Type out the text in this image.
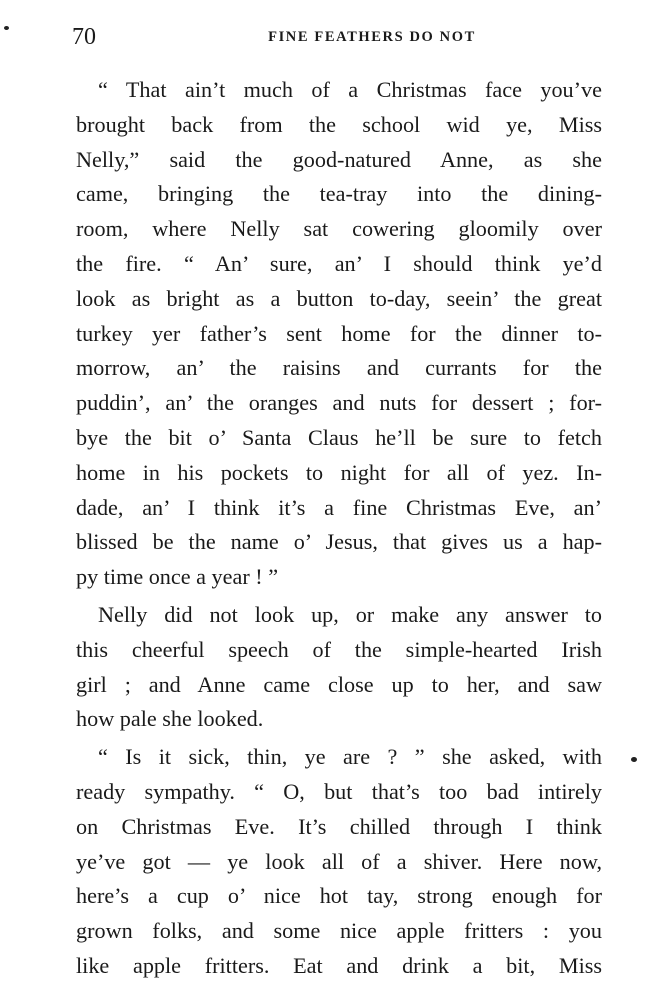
70	FINE FEATHERS DO NOT
“ That ain’t much of a Christmas face you’ve
brought back from the school wid ye, Miss
Nelly,” said the good-natured Anne, as she
came, bringing the tea-tray into the dining-
room, where Nelly sat cowering gloomily over
the fire. “ An’ sure, an’ I should think ye’d
look as bright as a button to-day, seein’ the great
turkey yer father’s sent home for the dinner to-
morrow, an’ the raisins and currants for the
puddin’, an’ the oranges and nuts for dessert ; for-
bye the bit o’ Santa Claus he’ll be sure to fetch
home in his pockets to night for all of yez. In-
dade, an’ I think it’s a fine Christmas Eve, an’
blissed be the name o’ Jesus, that gives us a hap-
py time once a year ! ”
Nelly did not look up, or make any answer to
this cheerful speech of the simple-hearted Irish
girl ; and Anne came close up to her, and saw
how pale she looked.
“ Is it sick, thin, ye are ? ” she asked, with
ready sympathy. “ O, but that’s too bad intirely
on Christmas Eve. It’s chilled through I think
ye’ve got — ye look all of a shiver. Here now,
here’s a cup o’ nice hot tay, strong enough for
grown folks, and some nice apple fritters : you
like apple fritters. Eat and drink a bit, Miss
